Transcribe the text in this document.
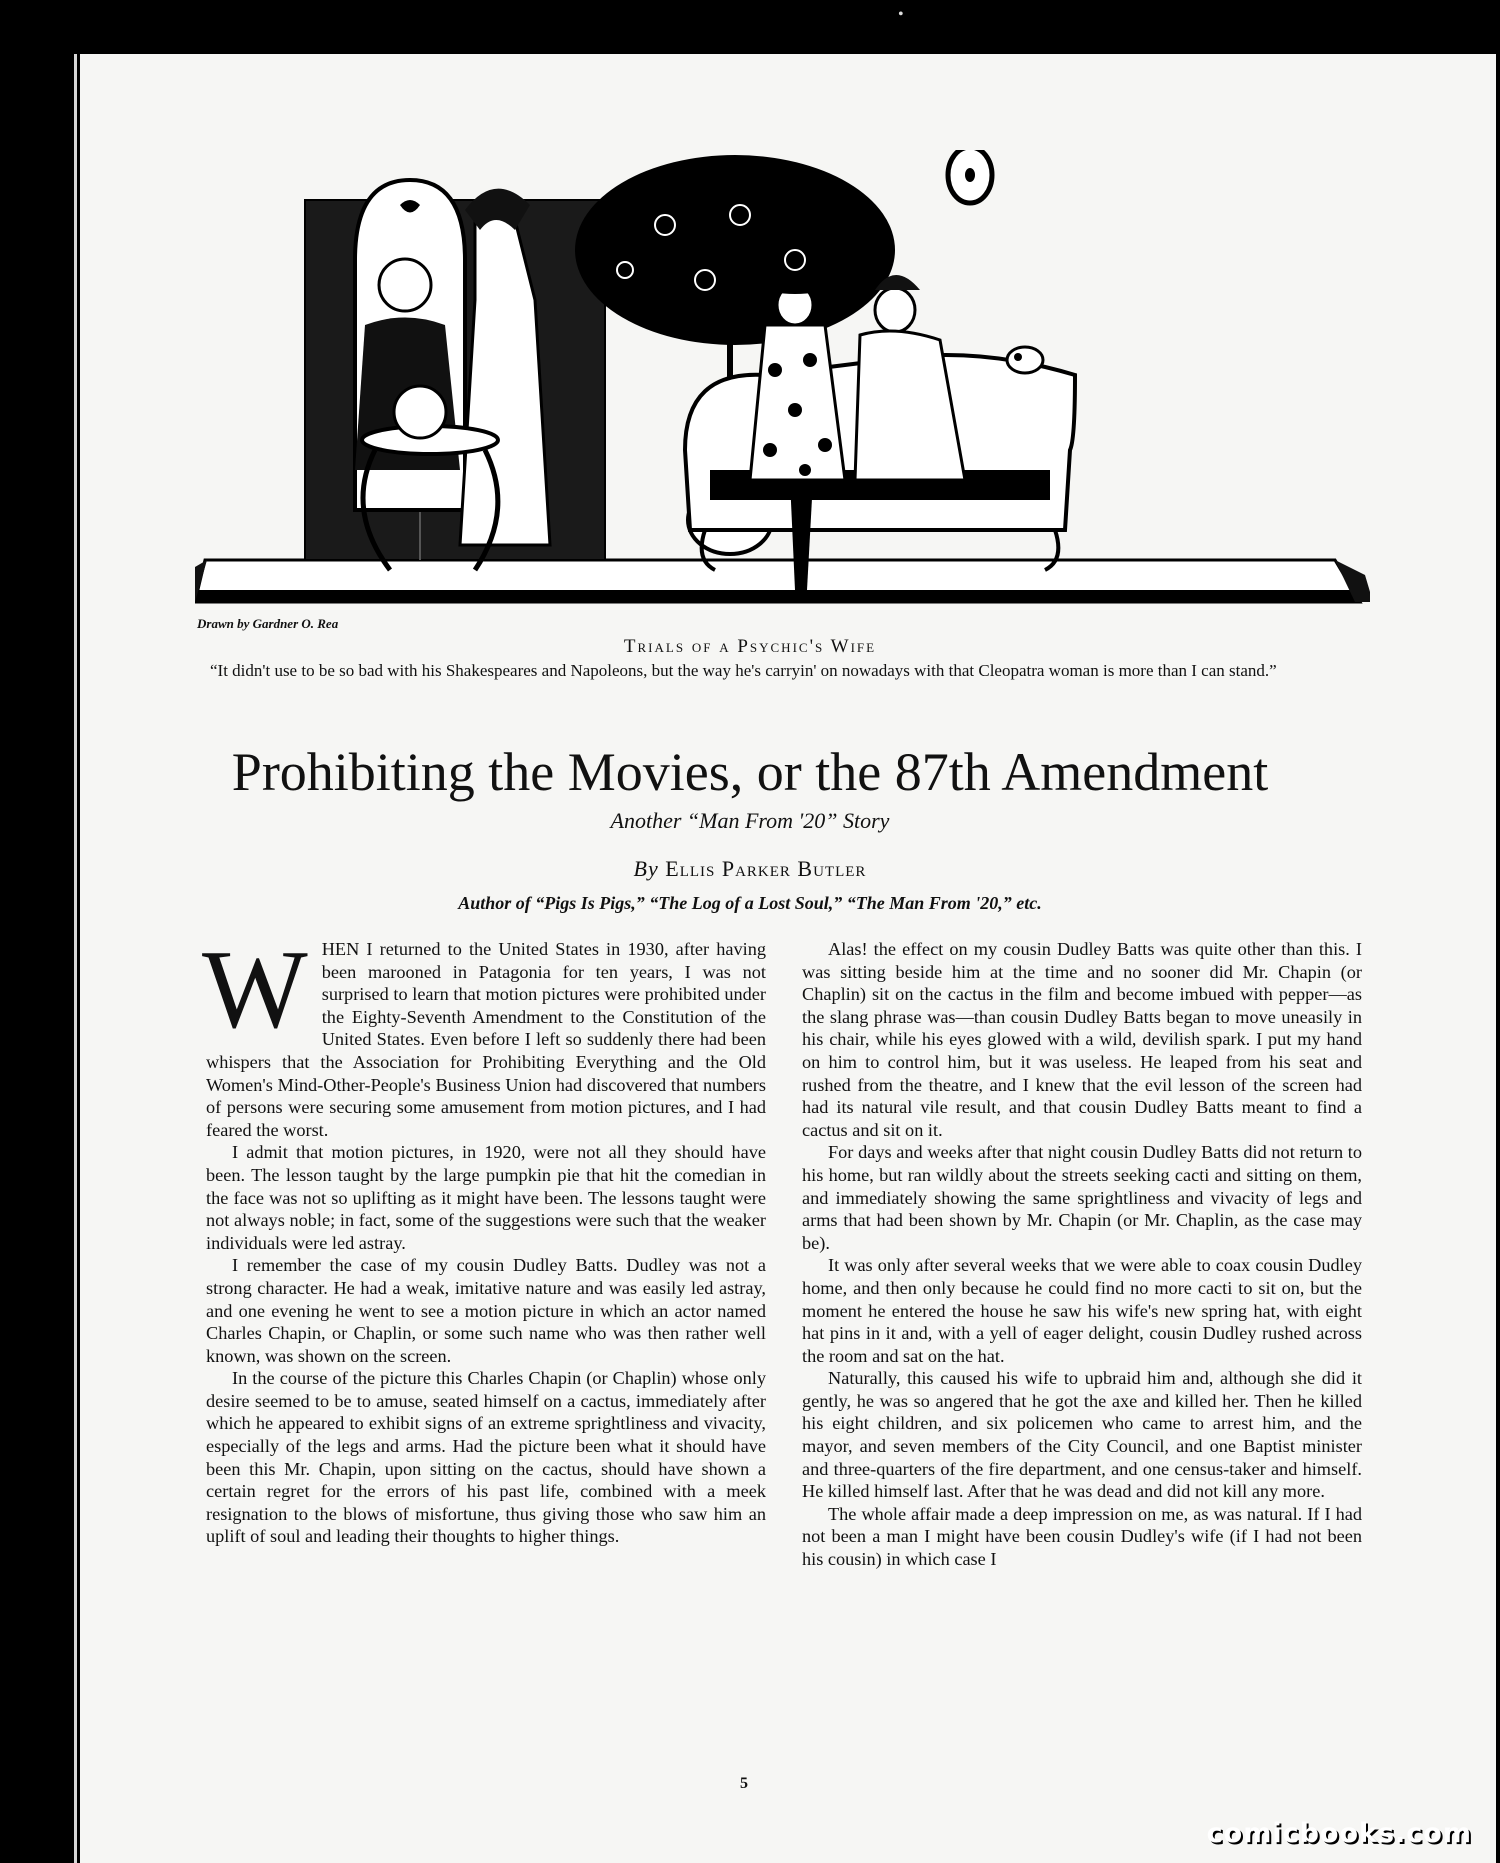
•
Drawn by Gardner O. Rea
Trials of a Psychic's Wife
“It didn't use to be so bad with his Shakespeares and Napoleons, but the way he's carryin' on nowadays with that Cleopatra woman is more than I can stand.”
Prohibiting the Movies, or the 87th Amendment
Another “Man From '20” Story
By Ellis Parker Butler
Author of “Pigs Is Pigs,” “The Log of a Lost Soul,” “The Man From '20,” etc.
W HEN I returned to the United States in 1930, after having been marooned in Patagonia for ten years, I was not surprised to learn that motion pictures were prohibited under the Eighty-Seventh Amendment to the Constitution of the United States. Even before I left so suddenly there had been whispers that the Association for Prohibiting Everything and the Old Women's Mind-Other-People's Business Union had discovered that numbers of persons were securing some amusement from motion pictures, and I had feared the worst.

I admit that motion pictures, in 1920, were not all they should have been. The lesson taught by the large pumpkin pie that hit the comedian in the face was not so uplifting as it might have been. The lessons taught were not always noble; in fact, some of the suggestions were such that the weaker individuals were led astray.

I remember the case of my cousin Dudley Batts. Dudley was not a strong character. He had a weak, imitative nature and was easily led astray, and one evening he went to see a motion picture in which an actor named Charles Chapin, or Chaplin, or some such name who was then rather well known, was shown on the screen.

In the course of the picture this Charles Chapin (or Chaplin) whose only desire seemed to be to amuse, seated himself on a cactus, immediately after which he appeared to exhibit signs of an extreme sprightliness and vivacity, especially of the legs and arms. Had the picture been what it should have been this Mr. Chapin, upon sitting on the cactus, should have shown a certain regret for the errors of his past life, combined with a meek resignation to the blows of misfortune, thus giving those who saw him an uplift of soul and leading their thoughts to higher things.

Alas! the effect on my cousin Dudley Batts was quite other than this. I was sitting beside him at the time and no sooner did Mr. Chapin (or Chaplin) sit on the cactus in the film and become imbued with pepper—as the slang phrase was—than cousin Dudley Batts began to move uneasily in his chair, while his eyes glowed with a wild, devilish spark. I put my hand on him to control him, but it was useless. He leaped from his seat and rushed from the theatre, and I knew that the evil lesson of the screen had had its natural vile result, and that cousin Dudley Batts meant to find a cactus and sit on it.

For days and weeks after that night cousin Dudley Batts did not return to his home, but ran wildly about the streets seeking cacti and sitting on them, and immediately showing the same sprightliness and vivacity of legs and arms that had been shown by Mr. Chapin (or Mr. Chaplin, as the case may be).

It was only after several weeks that we were able to coax cousin Dudley home, and then only because he could find no more cacti to sit on, but the moment he entered the house he saw his wife's new spring hat, with eight hat pins in it and, with a yell of eager delight, cousin Dudley rushed across the room and sat on the hat.

Naturally, this caused his wife to upbraid him and, although she did it gently, he was so angered that he got the axe and killed her. Then he killed his eight children, and six policemen who came to arrest him, and the mayor, and seven members of the City Council, and one Baptist minister and three-quarters of the fire department, and one census-taker and himself. He killed himself last. After that he was dead and did not kill any more.

The whole affair made a deep impression on me, as was natural. If I had not been a man I might have been cousin Dudley's wife (if I had not been his cousin) in which case I

5
comicbooks.com
